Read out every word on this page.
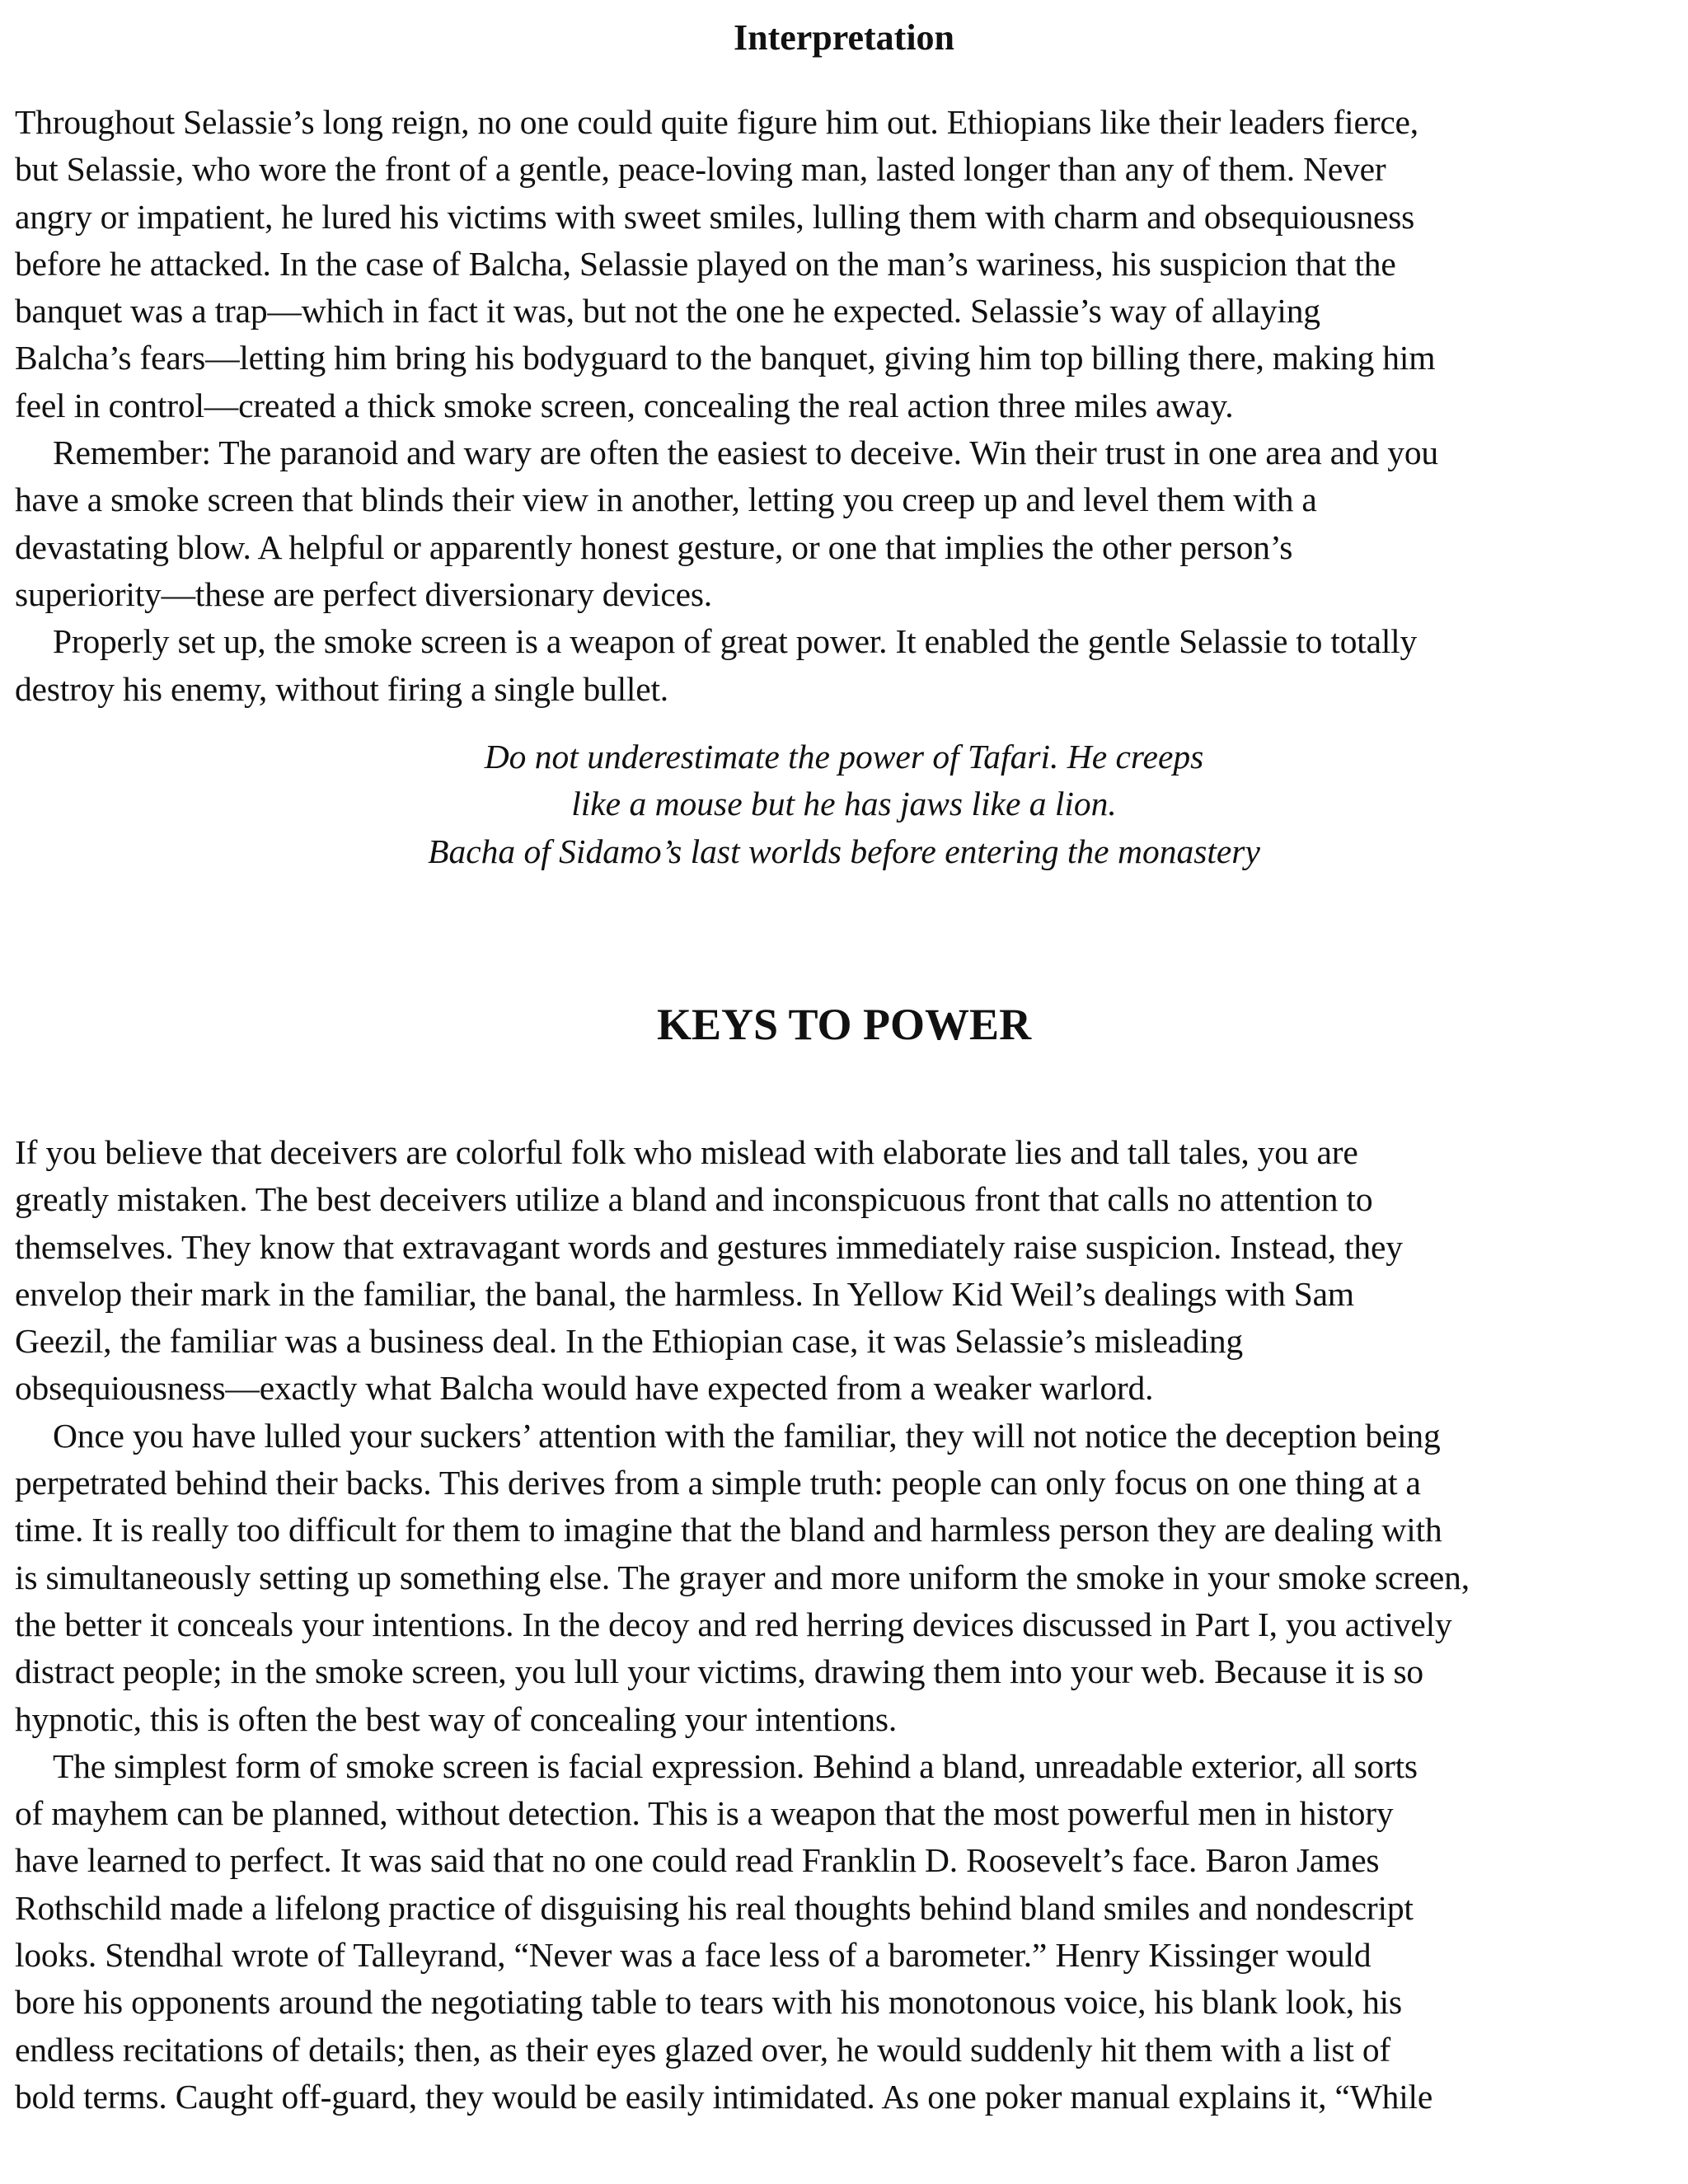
Interpretation

Throughout Selassie’s long reign, no one could quite figure him out. Ethiopians like their leaders fierce,
but Selassie, who wore the front of a gentle, peace-loving man, lasted longer than any of them. Never
angry or impatient, he lured his victims with sweet smiles, lulling them with charm and obsequiousness
before he attacked. In the case of Balcha, Selassie played on the man’s wariness, his suspicion that the
banquet was a trap—which in fact it was, but not the one he expected. Selassie’s way of allaying
Balcha’s fears—letting him bring his bodyguard to the banquet, giving him top billing there, making him
feel in control—created a thick smoke screen, concealing the real action three miles away.

Remember: The paranoid and wary are often the easiest to deceive. Win their trust in one area and you
have a smoke screen that blinds their view in another, letting you creep up and level them with a
devastating blow. A helpful or apparently honest gesture, or one that implies the other person’s
superiority—these are perfect diversionary devices.

Properly set up, the smoke screen is a weapon of great power. It enabled the gentle Selassie to totally
destroy his enemy, without firing a single bullet.

Do not underestimate the power of Tafari. He creeps
like a mouse but he has jaws like a lion.
Bacha of Sidamo’s last worlds before entering the monastery
KEYS TO POWER

If you believe that deceivers are colorful folk who mislead with elaborate lies and tall tales, you are
greatly mistaken. The best deceivers utilize a bland and inconspicuous front that calls no attention to
themselves. They know that extravagant words and gestures immediately raise suspicion. Instead, they
envelop their mark in the familiar, the banal, the harmless. In Yellow Kid Weil’s dealings with Sam
Geezil, the familiar was a business deal. In the Ethiopian case, it was Selassie’s misleading
obsequiousness—exactly what Balcha would have expected from a weaker warlord.

Once you have lulled your suckers’ attention with the familiar, they will not notice the deception being
perpetrated behind their backs. This derives from a simple truth: people can only focus on one thing at a
time. It is really too difficult for them to imagine that the bland and harmless person they are dealing with
is simultaneously setting up something else. The grayer and more uniform the smoke in your smoke screen,
the better it conceals your intentions. In the decoy and red herring devices discussed in Part I, you actively
distract people; in the smoke screen, you lull your victims, drawing them into your web. Because it is so
hypnotic, this is often the best way of concealing your intentions.

The simplest form of smoke screen is facial expression. Behind a bland, unreadable exterior, all sorts
of mayhem can be planned, without detection. This is a weapon that the most powerful men in history
have learned to perfect. It was said that no one could read Franklin D. Roosevelt’s face. Baron James
Rothschild made a lifelong practice of disguising his real thoughts behind bland smiles and nondescript
looks. Stendhal wrote of Talleyrand, “Never was a face less of a barometer.” Henry Kissinger would
bore his opponents around the negotiating table to tears with his monotonous voice, his blank look, his
endless recitations of details; then, as their eyes glazed over, he would suddenly hit them with a list of
bold terms. Caught off-guard, they would be easily intimidated. As one poker manual explains it, “While
